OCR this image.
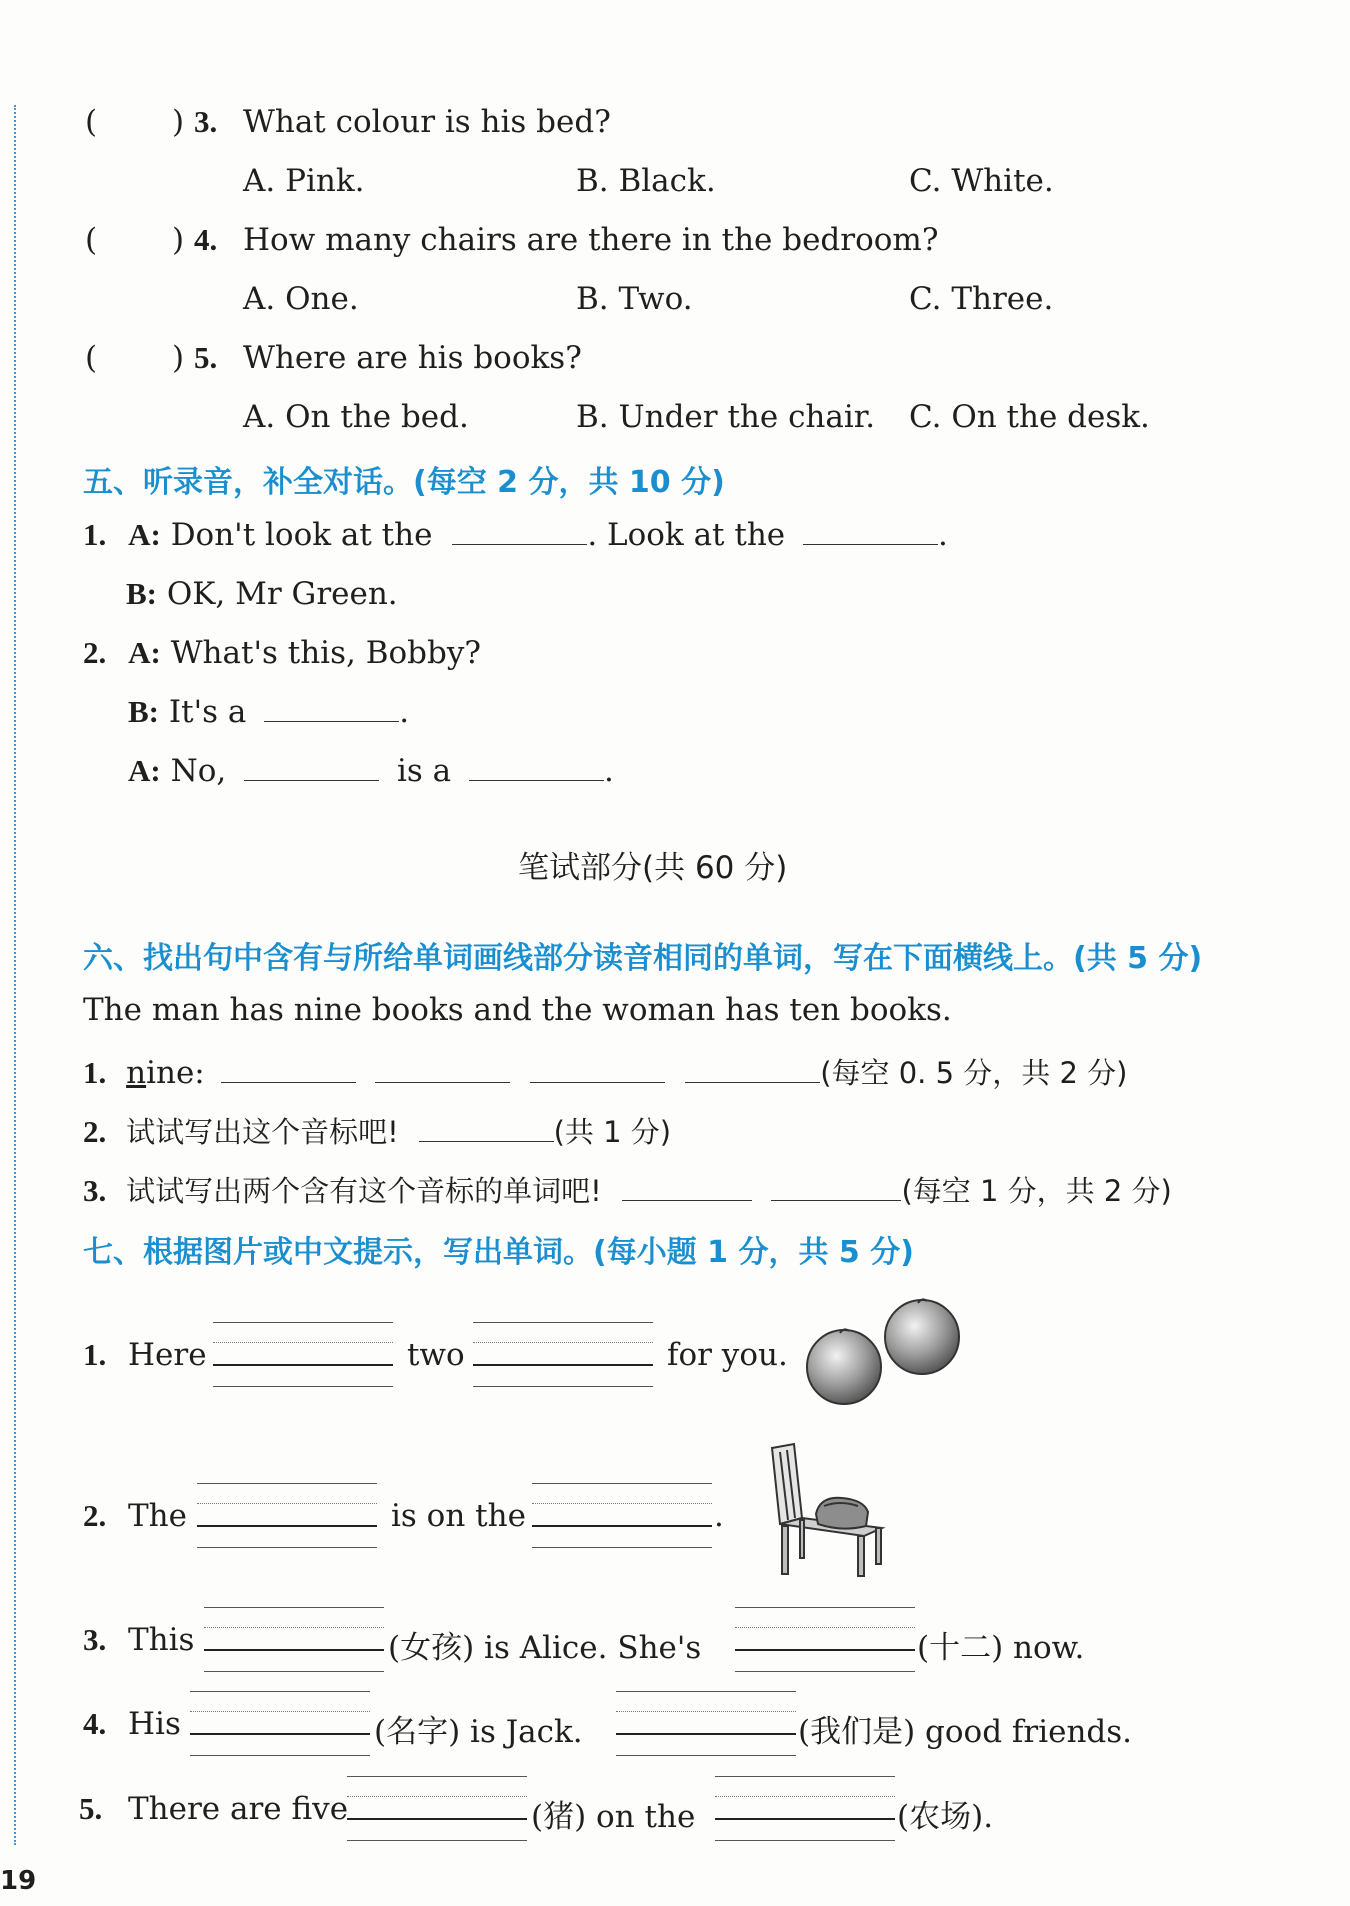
( ) 3. What colour is his bed?
A. Pink.	B. Black.	C. White.
( ) 4. How many chairs are there in the bedroom?
A. One.	B. Two.	C. Three.
( ) 5. Where are his books?
A. On the bed.	B. Under the chair. C. On the desk.
五、听录音，补全对话。(每空 2 分，共 10 分)
1. A: Don't look at the	. Look at the	.
B: OK, Mr Green.
2. A: What's this, Bobby?
B: It's a	.
A: No,	is a	.
笔试部分(共 60 分)
六、找出句中含有与所给单词画线部分读音相同的单词，写在下面横线上。(共 5 分)
The man has nine books and the woman has ten books.
1. nine:	(每空 0. 5 分，共 2 分)
2. 试试写出这个音标吧!	(共 1 分)
3. 试试写出两个含有这个音标的单词吧!	(每空 1 分，共 2 分)
七、根据图片或中文提示，写出单词。(每小题 1 分，共 5 分)
1. Here	two	for you.
2. The	is on the	.
3. This	(女孩) is Alice. She's	(十二) now.
4. His	(名字) is Jack.	(我们是) good friends.
5. There are five	(猪) on the	(农场).
19
